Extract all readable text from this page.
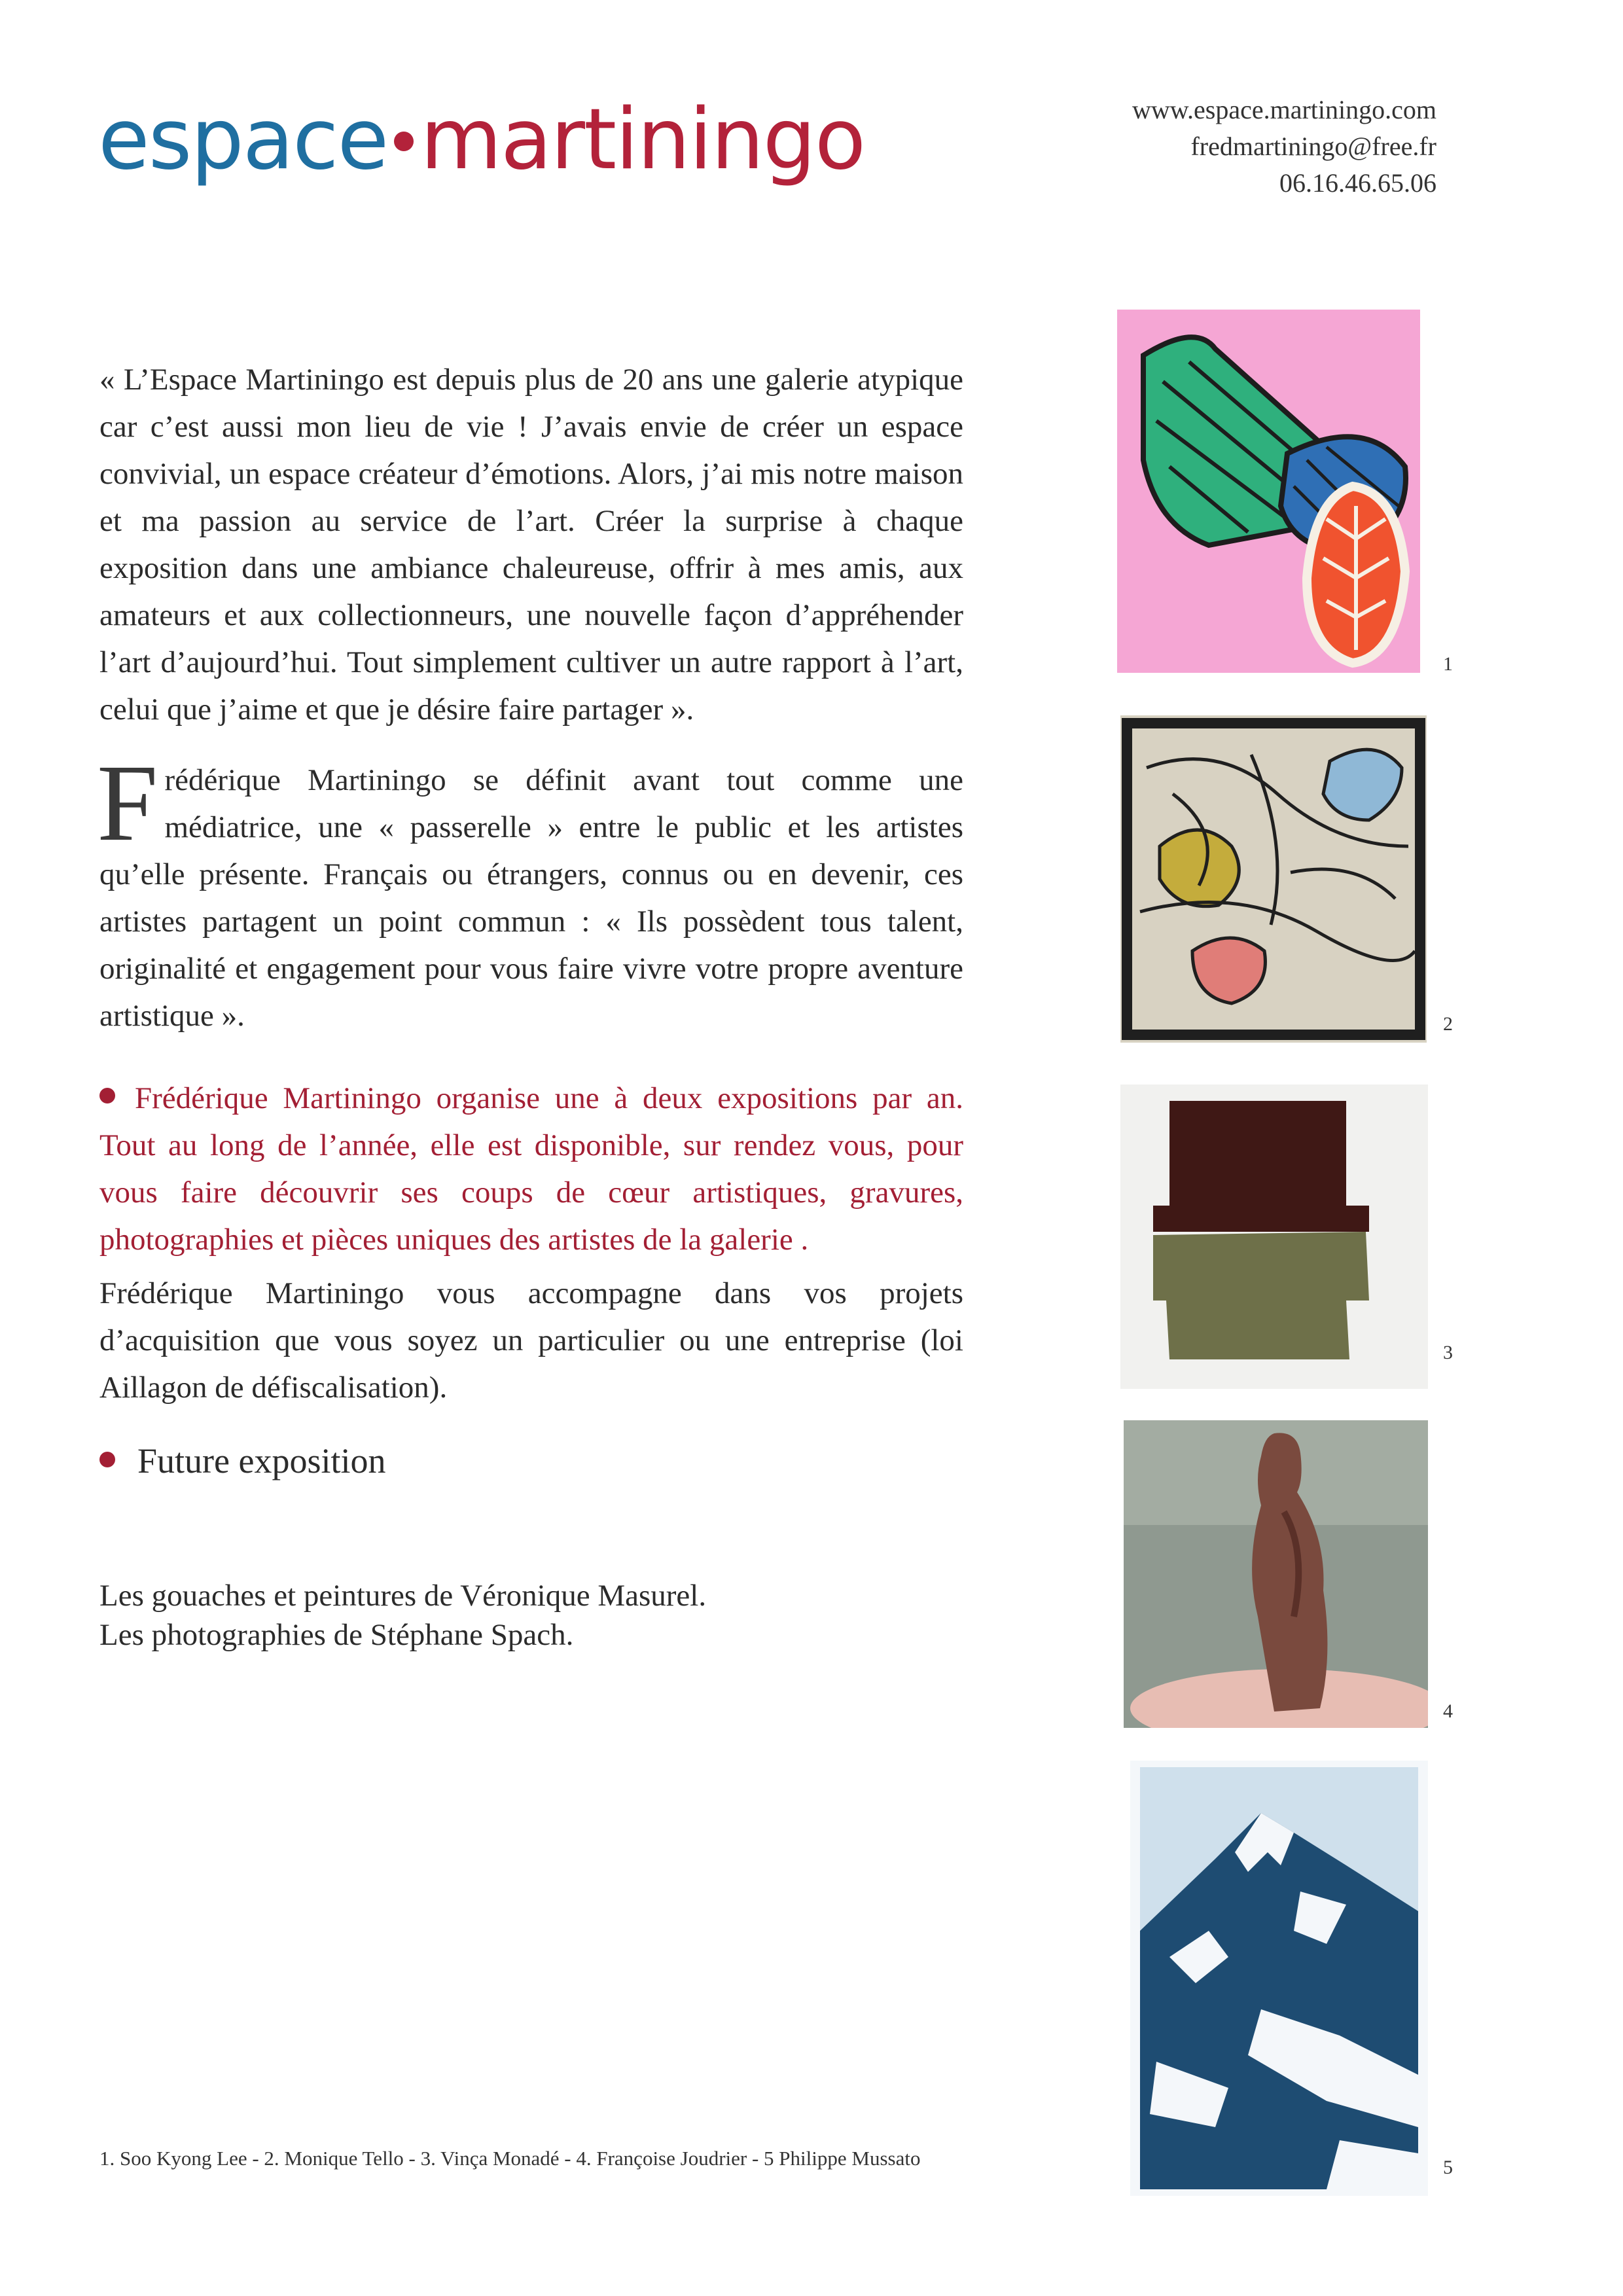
espace martiningo	www.espace.martiningo.com
fredmartiningo@free.fr
06.16.46.65.06

« L’Espace Martiningo est depuis plus de 20 ans une galerie atypique car c’est aussi mon lieu de vie ! J’avais envie de créer un espace convivial, un espace créateur d’émotions. Alors, j’ai mis notre maison et ma passion au service de l’art. Créer la surprise à chaque exposition dans une ambiance chaleureuse, offrir à mes amis, aux amateurs et aux collectionneurs, une nouvelle façon d’appréhender l’art d’aujourd’hui. Tout simplement cultiver un autre rapport à l’art, celui que j’aime et que je désire faire partager ».

Frédérique Martiningo se définit avant tout comme une médiatrice, une « passerelle » entre le public et les artistes qu’elle présente. Français ou étrangers, connus ou en devenir, ces artistes partagent un point commun : « Ils possèdent tous talent, originalité et engagement pour vous faire vivre votre propre aventure artistique ».

Frédérique Martiningo organise une à deux expositions par an. Tout au long de l’année, elle est disponible, sur rendez vous, pour vous faire découvrir ses coups de cœur artistiques, gravures, photographies et pièces uniques des artistes de la galerie .

Frédérique Martiningo vous accompagne dans vos projets d’acquisition que vous soyez un particulier ou une entreprise (loi Aillagon de défiscalisation).

Future exposition
Les gouaches et peintures de Véronique Masurel.
Les photographies de Stéphane Spach.
1
2
3
4
5
1. Soo Kyong Lee - 2. Monique Tello - 3. Vinça Monadé - 4. Françoise Joudrier - 5 Philippe Mussato
